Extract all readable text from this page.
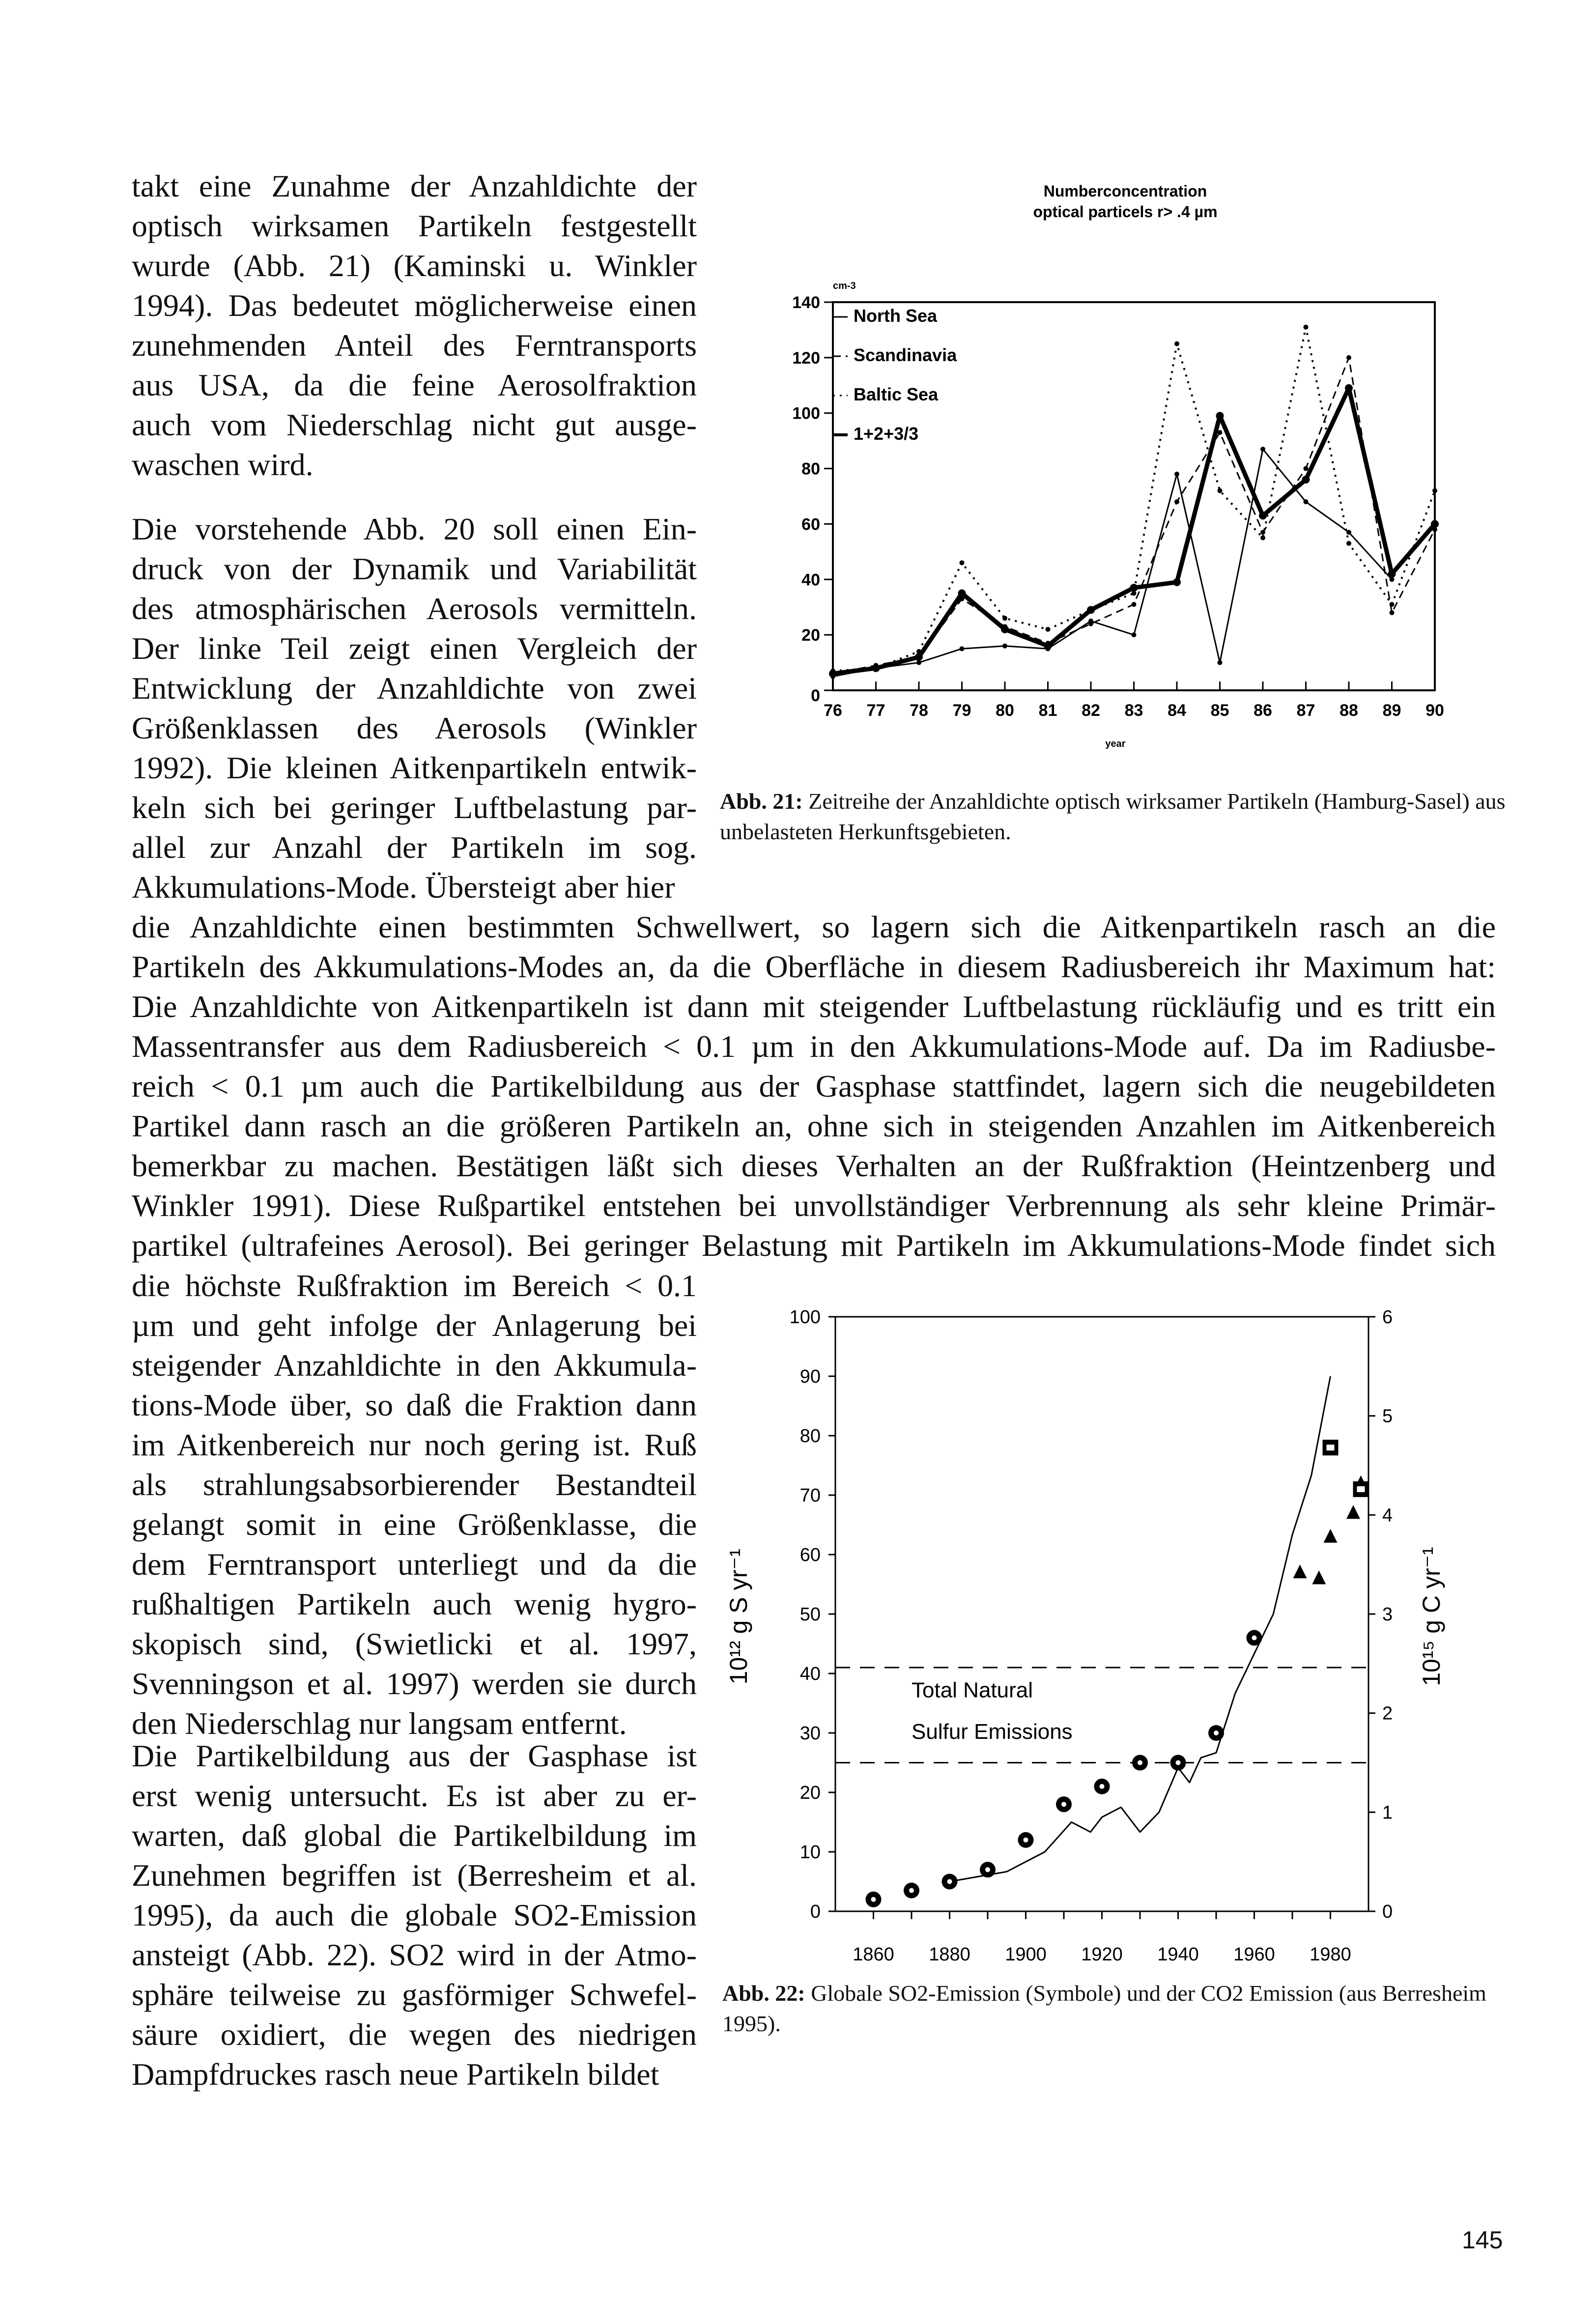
takt eine Zunahme der Anzahldichte der
optisch wirksamen Partikeln festgestellt
wurde (Abb. 21) (Kaminski u. Winkler
1994). Das bedeutet möglicherweise einen
zunehmenden Anteil des Ferntransports
aus USA, da die feine Aerosolfraktion
auch vom Niederschlag nicht gut ausge-
waschen wird.
Numberconcentration
optical particels r> .4 µm
cm-3
year
0
20
40
60
80
100
120
140
76 77 78 79 80 81 82 83 84 85 86 87 88 89 90
North Sea
Scandinavia
Baltic Sea
1+2+3/3
Abb. 21: Zeitreihe der Anzahldichte optisch wirksamer Partikeln (Hamburg-Sasel) aus unbelasteten Herkunftsgebieten.
Die vorstehende Abb. 20 soll einen Ein-
druck von der Dynamik und Variabilität
des atmosphärischen Aerosols vermitteln.
Der linke Teil zeigt einen Vergleich der
Entwicklung der Anzahldichte von zwei
Größenklassen des Aerosols (Winkler
1992). Die kleinen Aitkenpartikeln entwik-
keln sich bei geringer Luftbelastung par-
allel zur Anzahl der Partikeln im sog.
Akkumulations-Mode. Übersteigt aber hier
die Anzahldichte einen bestimmten Schwellwert, so lagern sich die Aitkenpartikeln rasch an die
Partikeln des Akkumulations-Modes an, da die Oberfläche in diesem Radiusbereich ihr Maximum hat:
Die Anzahldichte von Aitkenpartikeln ist dann mit steigender Luftbelastung rückläufig und es tritt ein
Massentransfer aus dem Radiusbereich < 0.1 µm in den Akkumulations-Mode auf. Da im Radiusbe-
reich < 0.1 µm auch die Partikelbildung aus der Gasphase stattfindet, lagern sich die neugebildeten
Partikel dann rasch an die größeren Partikeln an, ohne sich in steigenden Anzahlen im Aitkenbereich
bemerkbar zu machen. Bestätigen läßt sich dieses Verhalten an der Rußfraktion (Heintzenberg und
Winkler 1991). Diese Rußpartikel entstehen bei unvollständiger Verbrennung als sehr kleine Primär-
partikel (ultrafeines Aerosol). Bei geringer Belastung mit Partikeln im Akkumulations-Mode findet sich
die höchste Rußfraktion im Bereich < 0.1
µm und geht infolge der Anlagerung bei
steigender Anzahldichte in den Akkumula-
tions-Mode über, so daß die Fraktion dann
im Aitkenbereich nur noch gering ist. Ruß
als strahlungsabsorbierender Bestandteil
gelangt somit in eine Größenklasse, die
dem Ferntransport unterliegt und da die
rußhaltigen Partikeln auch wenig hygro-
skopisch sind, (Swietlicki et al. 1997,
Svenningson et al. 1997) werden sie durch
den Niederschlag nur langsam entfernt.
0
10
20
30
40
50
60
70
80
90
100
0
1
2
3
4
5
6
1860 1880 1900 1920 1940 1960 1980
10¹² g S yr⁻¹	10¹⁵ g C yr⁻¹
Total Natural
Sulfur Emissions
Abb. 22: Globale SO2-Emission (Symbole) und der CO2 Emission (aus Berresheim 1995).
Die Partikelbildung aus der Gasphase ist
erst wenig untersucht. Es ist aber zu er-
warten, daß global die Partikelbildung im
Zunehmen begriffen ist (Berresheim et al.
1995), da auch die globale SO2-Emission
ansteigt (Abb. 22). SO2 wird in der Atmo-
sphäre teilweise zu gasförmiger Schwefel-
säure oxidiert, die wegen des niedrigen
Dampfdruckes rasch neue Partikeln bildet
145
